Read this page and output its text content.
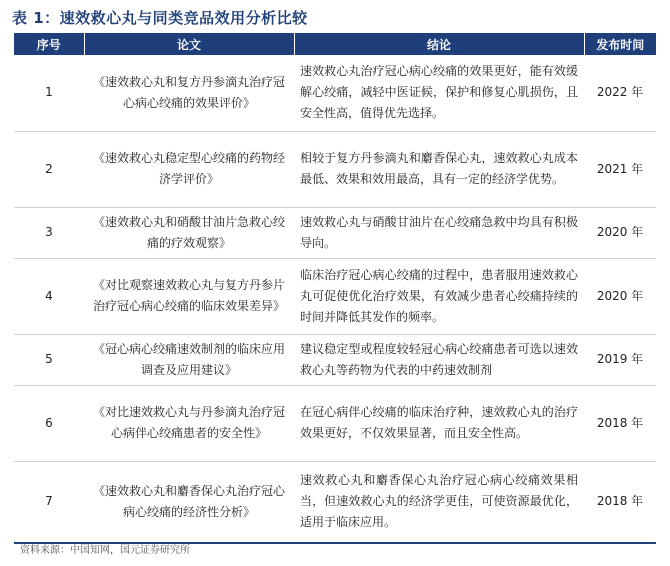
表 1：速效救心丸与同类竞品效用分析比较
序号	论文	结论	发布时间
1	《速效救心丸和复方丹参滴丸治疗冠心病心绞痛的效果评价》	速效救心丸治疗冠心病心绞痛的效果更好，能有效缓解心绞痛，减轻中医证候，保护和修复心肌损伤，且安全性高，值得优先选择。	2022 年
2	《速效救心丸稳定型心绞痛的药物经济学评价》	相较于复方丹参滴丸和麝香保心丸，速效救心丸成本最低、效果和效用最高，具有一定的经济学优势。	2021 年
3	《速效救心丸和硝酸甘油片急救心绞痛的疗效观察》	速效救心丸与硝酸甘油片在心绞痛急救中均具有积极导向。	2020 年
4	《对比观察速效救心丸与复方丹参片治疗冠心病心绞痛的临床效果差异》	临床治疗冠心病心绞痛的过程中，患者服用速效救心丸可促使优化治疗效果，有效减少患者心绞痛持续的时间并降低其发作的频率。	2020 年
5	《冠心病心绞痛速效制剂的临床应用调查及应用建议》	建议稳定型或程度较轻冠心病心绞痛患者可选以速效救心丸等药物为代表的中药速效制剂	2019 年
6	《对比速效救心丸与丹参滴丸治疗冠心病伴心绞痛患者的安全性》	在冠心病伴心绞痛的临床治疗种，速效救心丸的治疗效果更好，不仅效果显著，而且安全性高。	2018 年
7	《速效救心丸和麝香保心丸治疗冠心病心绞痛的经济性分析》	速效救心丸和麝香保心丸治疗冠心病心绞痛效果相当，但速效救心丸的经济学更佳，可使资源最优化，适用于临床应用。	2018 年
资料来源：中国知网，国元证券研究所
